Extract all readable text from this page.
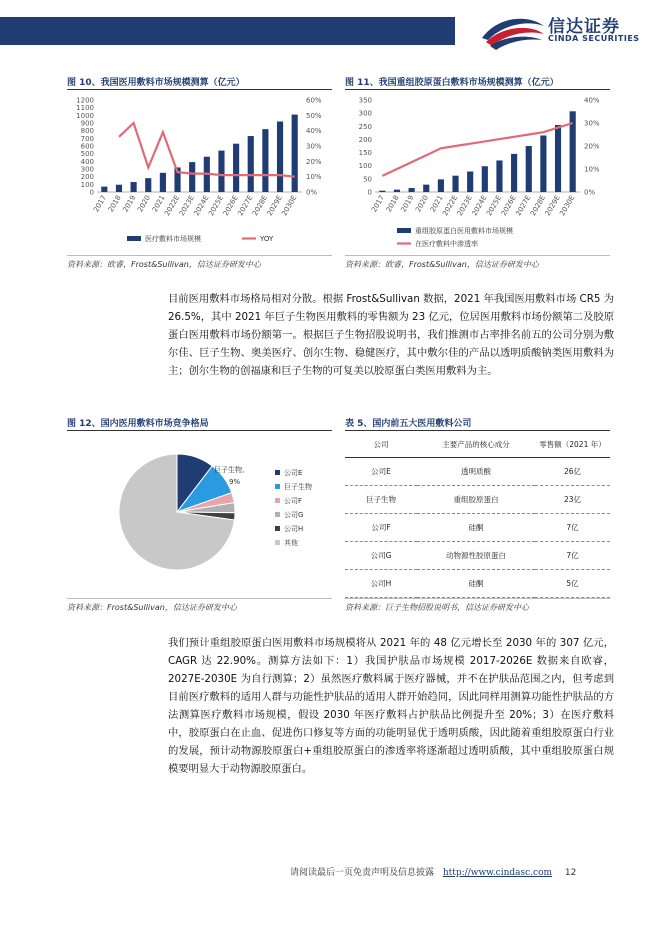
信达证券
CINDA SECURITIES
图 10、我国医用敷料市场规模测算（亿元）
0
100
200
300
400
500
600
700
800
900
1000
1100
1200
0%
10%
20%
30%
40%
50%
60%
2017
2018
2019
2020
2021
2022E
2023E
2024E
2025E
2026E
2027E
2028E
2029E
2030E
医疗敷料市场规模	YOY
资料来源：欧睿，Frost&Sullivan，信达证券研发中心
图 11、我国重组胶原蛋白敷料市场规模测算（亿元）
0
50
100
150
200
250
300
350
0%
10%
20%
30%
40%
2017
2018
2019
2020
2021
2022E
2023E
2024E
2025E
2026E
2027E
2028E
2029E
2030E
重组胶原蛋白医用敷料市场规模
在医疗敷料中渗透率
资料来源：欧睿，Frost&Sullivan，信达证券研发中心

目前医用敷料市场格局相对分散。根据 Frost&Sullivan 数据，2021 年我国医用敷料市场 CR5 为 26.5%，其中 2021 年巨子生物医用敷料的零售额为 23 亿元，位居医用敷料市场份额第二及胶原蛋白医用敷料市场份额第一。根据巨子生物招股说明书，我们推测市占率排名前五的公司分别为敷尔佳、巨子生物、奥美医疗、创尔生物、稳健医疗，其中敷尔佳的产品以透明质酸钠类医用敷料为主；创尔生物的创福康和巨子生物的可复美以胶原蛋白类医用敷料为主。

图 12、国内医用敷料市场竞争格局
巨子生物,
9%
公司E
巨子生物
公司F
公司G
公司H
其他
资料来源：Frost&Sullivan，信达证券研发中心
表 5、国内前五大医用敷料公司
公司	主要产品的核心成分	零售额（2021 年）
公司E	透明质酸	26亿
巨子生物	重组胶原蛋白	23亿
公司F	硅酮	7亿
公司G	动物源性胶原蛋白	7亿
公司H	硅酮	5亿
资料来源：巨子生物招股说明书，信达证券研发中心

我们预计重组胶原蛋白医用敷料市场规模将从 2021 年的 48 亿元增长至 2030 年的 307 亿元，CAGR 达 22.90%。测算方法如下：1）我国护肤品市场规模 2017-2026E 数据来自欧睿，2027E-2030E 为自行测算；2）虽然医疗敷料属于医疗器械，并不在护肤品范围之内，但考虑到目前医疗敷料的适用人群与功能性护肤品的适用人群开始趋同，因此同样用测算功能性护肤品的方法测算医疗敷料市场规模，假设 2030 年医疗敷料占护肤品比例提升至 20%；3）在医疗敷料中，胶原蛋白在止血、促进伤口修复等方面的功能明显优于透明质酸，因此随着重组胶原蛋白行业的发展，预计动物源胶原蛋白+重组胶原蛋白的渗透率将逐渐超过透明质酸，其中重组胶原蛋白规模要明显大于动物源胶原蛋白。

请阅读最后一页免责声明及信息披露 http://www.cindasc.com 12
